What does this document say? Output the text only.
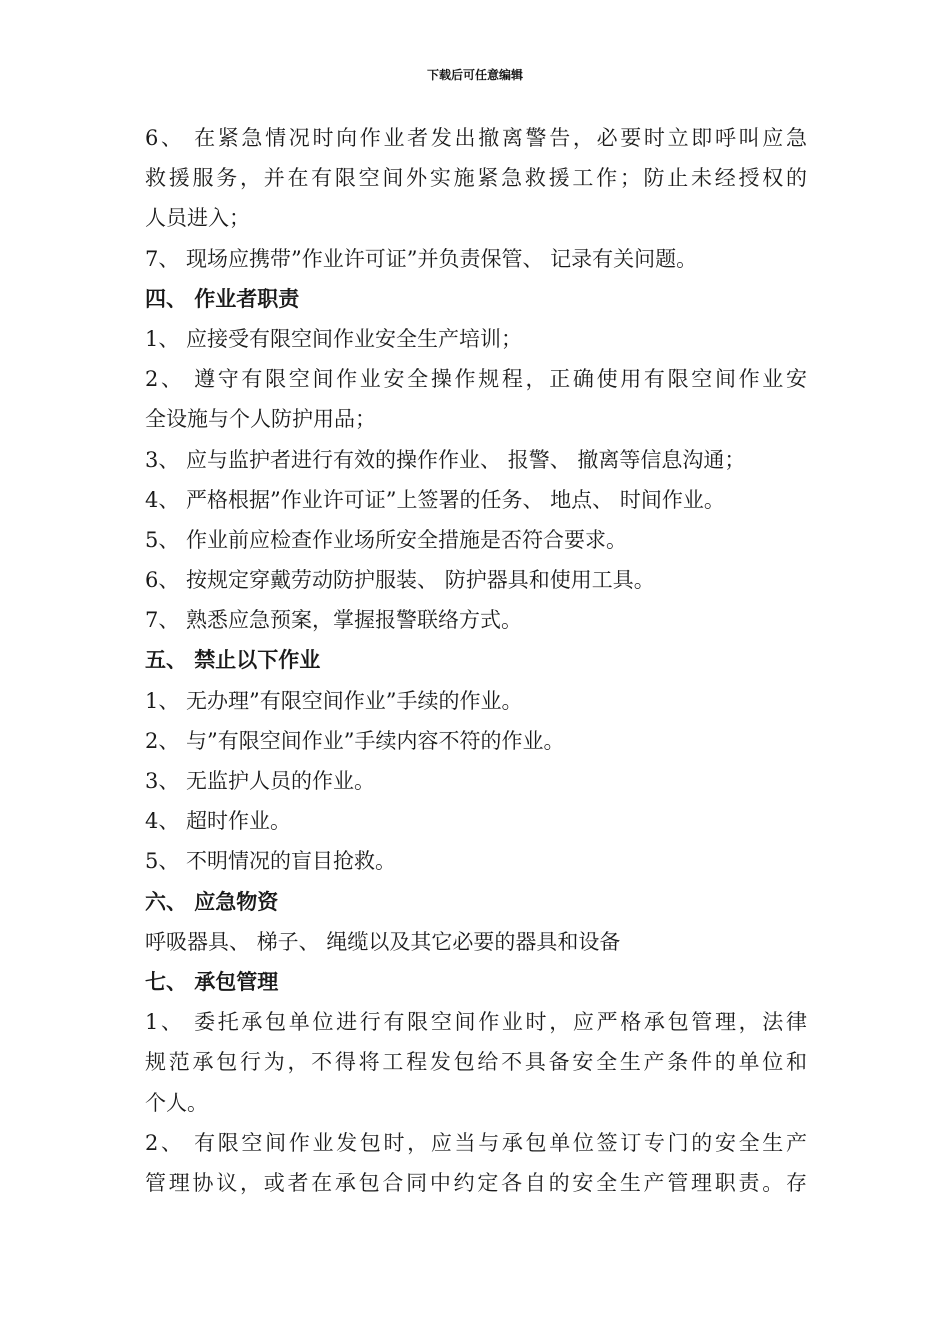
下载后可任意编辑
6、 在紧急情况时向作业者发出撤离警告，必要时立即呼叫应急
救援服务，并在有限空间外实施紧急救援工作；防止未经授权的
人员进入；
7、 现场应携带”作业许可证”并负责保管、 记录有关问题。
四、 作业者职责
1、 应接受有限空间作业安全生产培训；
2、 遵守有限空间作业安全操作规程，正确使用有限空间作业安
全设施与个人防护用品；
3、 应与监护者进行有效的操作作业、 报警、 撤离等信息沟通；
4、 严格根据”作业许可证”上签署的任务、 地点、 时间作业。
5、 作业前应检查作业场所安全措施是否符合要求。
6、 按规定穿戴劳动防护服装、 防护器具和使用工具。
7、 熟悉应急预案，掌握报警联络方式。
五、 禁止以下作业
1、 无办理”有限空间作业”手续的作业。
2、 与”有限空间作业”手续内容不符的作业。
3、 无监护人员的作业。
4、 超时作业。
5、 不明情况的盲目抢救。
六、 应急物资
呼吸器具、 梯子、 绳缆以及其它必要的器具和设备
七、 承包管理
1、 委托承包单位进行有限空间作业时，应严格承包管理，法律
规范承包行为，不得将工程发包给不具备安全生产条件的单位和
个人。
2、 有限空间作业发包时，应当与承包单位签订专门的安全生产
管理协议，或者在承包合同中约定各自的安全生产管理职责。存
